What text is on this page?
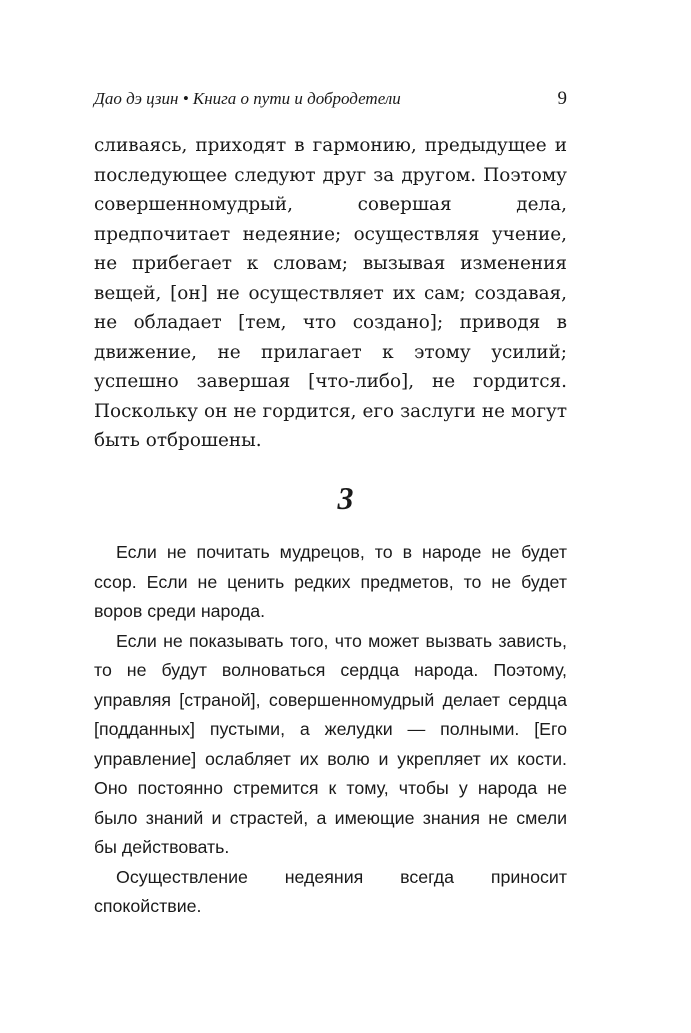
Дао дэ цзин • Книга о пути и добродетели	9

сливаясь, приходят в гармонию, предыдущее и последующее следуют друг за другом. Поэтому совершенномудрый, совершая дела, предпочитает недеяние; осуществляя учение, не прибегает к словам; вызывая изменения вещей, [он] не осуществляет их сам; создавая, не обладает [тем, что создано]; приводя в движение, не прилагает к этому усилий; успешно завершая [что-либо], не гордится. Поскольку он не гордится, его заслуги не могут быть отброшены.

3

Если не почитать мудрецов, то в народе не будет ссор. Если не ценить редких предметов, то не будет воров среди народа.

Если не показывать того, что может вызвать зависть, то не будут волноваться сердца народа. Поэтому, управляя [страной], совершенномудрый делает сердца [подданных] пустыми, а желудки — полными. [Его управление] ослабляет их волю и укрепляет их кости. Оно постоянно стремится к тому, чтобы у народа не было знаний и страстей, а имеющие знания не смели бы действовать.

Осуществление недеяния всегда приносит спокойствие.
